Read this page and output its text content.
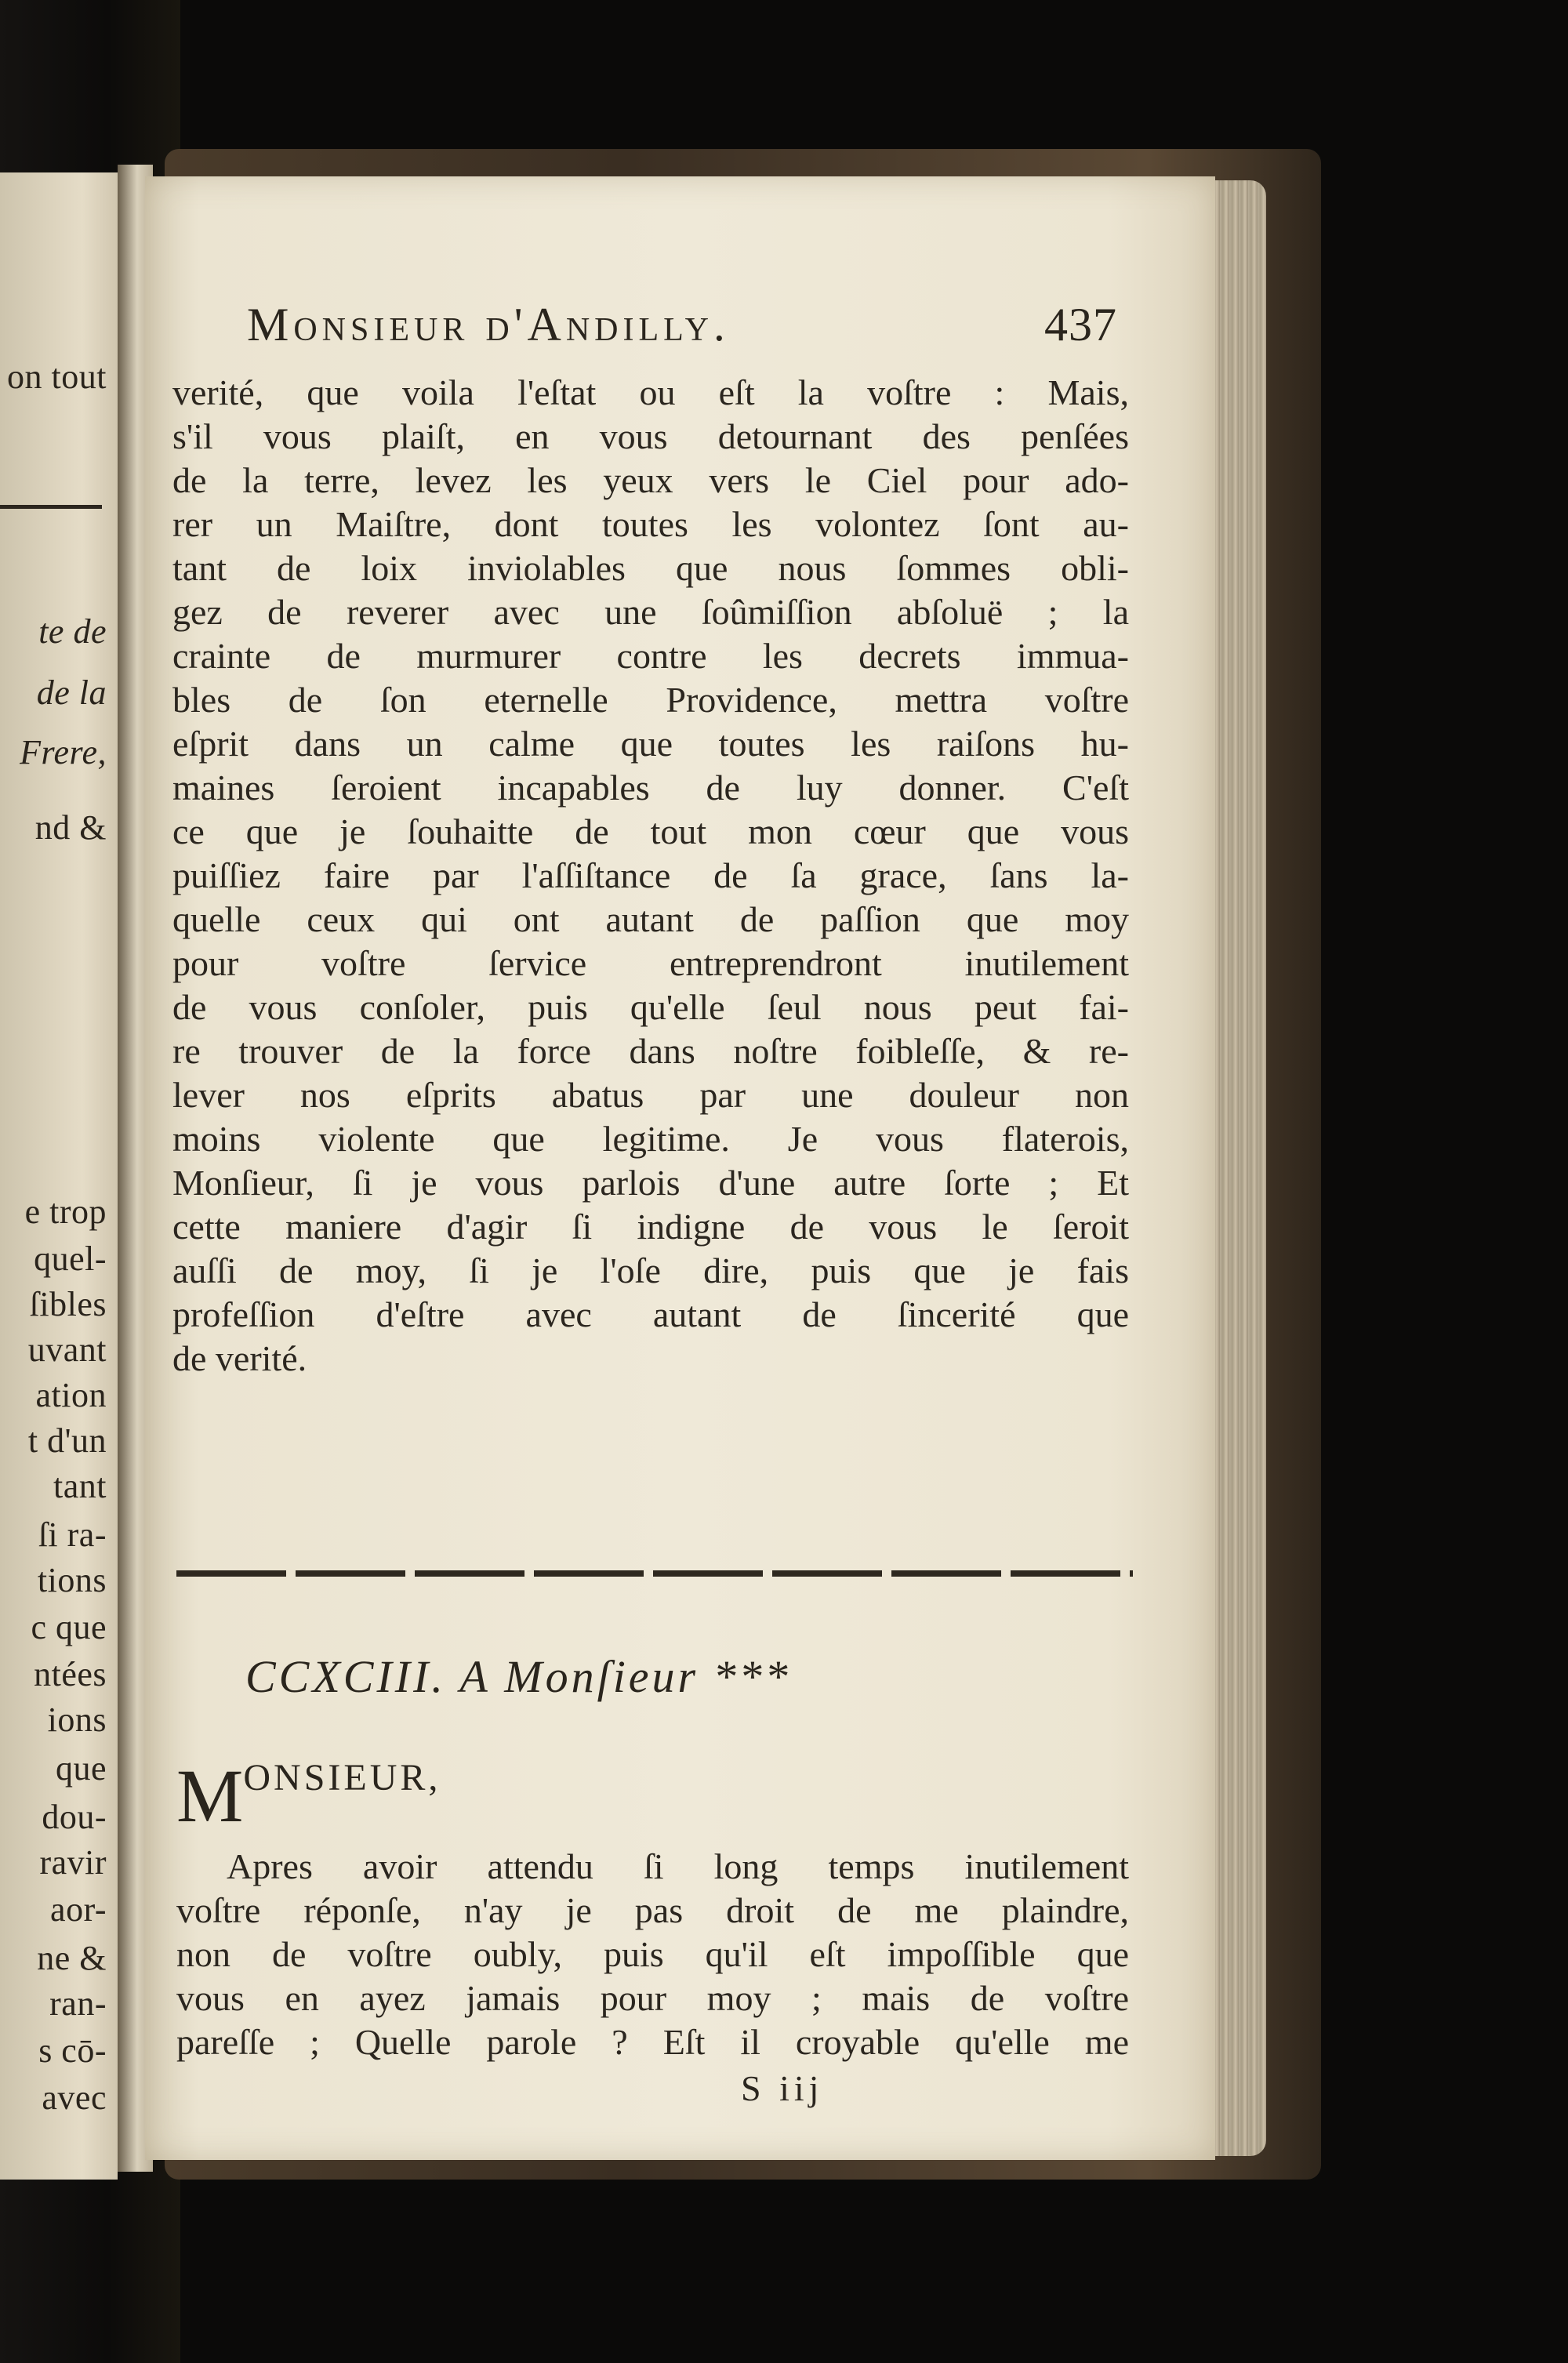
on tout
te de
de la
Frere,
nd &
e trop
quel-
ſibles
uvant
ation
t d'un
tant
ſi ra-
tions
c que
ntées
ions
que
dou-
ravir
aor-
ne &
ran-
s cō-
avec
Monsieur d'Andilly.	437
verité, que voila l'eſtat ou eſt la voſtre : Mais,
s'il vous plaiſt, en vous detournant des penſées
de la terre, levez les yeux vers le Ciel pour ado-
rer un Maiſtre, dont toutes les volontez ſont au-
tant de loix inviolables que nous ſommes obli-
gez de reverer avec une ſoûmiſſion abſoluë ; la
crainte de murmurer contre les decrets immua-
bles de ſon eternelle Providence, mettra voſtre
eſprit dans un calme que toutes les raiſons hu-
maines ſeroient incapables de luy donner. C'eſt
ce que je ſouhaitte de tout mon cœur que vous
puiſſiez faire par l'aſſiſtance de ſa grace, ſans la-
quelle ceux qui ont autant de paſſion que moy
pour voſtre ſervice entreprendront inutilement
de vous conſoler, puis qu'elle ſeul nous peut fai-
re trouver de la force dans noſtre foibleſſe, & re-
lever nos eſprits abatus par une douleur non
moins violente que legitime. Je vous flaterois,
Monſieur, ſi je vous parlois d'une autre ſorte ; Et
cette maniere d'agir ſi indigne de vous le ſeroit
auſſi de moy, ſi je l'oſe dire, puis que je fais
profeſſion d'eſtre avec autant de ſincerité que
de verité.
CCXCIII. A Monſieur ***
MONSIEUR,
Apres avoir attendu ſi long temps inutilement
voſtre réponſe, n'ay je pas droit de me plaindre,
non de voſtre oubly, puis qu'il eſt impoſſible que
vous en ayez jamais pour moy ; mais de voſtre
pareſſe ; Quelle parole ? Eſt il croyable qu'elle me
S iij
